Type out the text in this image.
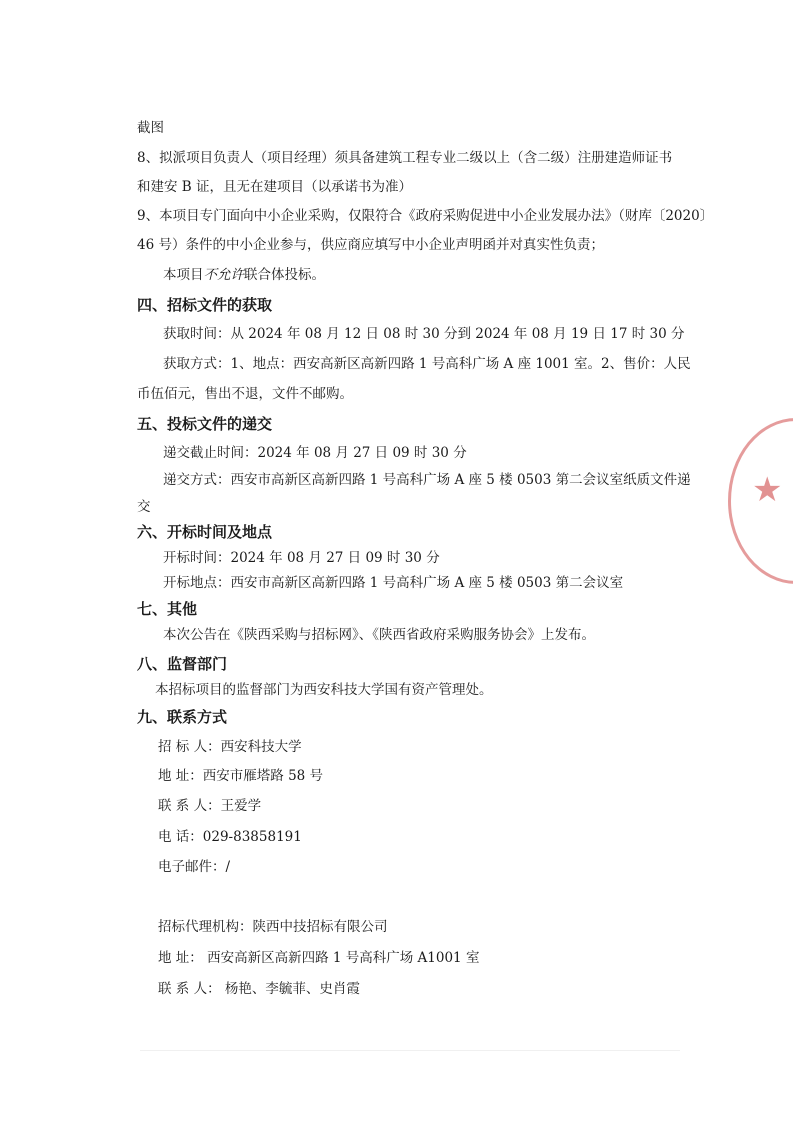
截图
8、拟派项目负责人（项目经理）须具备建筑工程专业二级以上（含二级）注册建造师证书
和建安 B 证，且无在建项目（以承诺书为准）
9、本项目专门面向中小企业采购，仅限符合《政府采购促进中小企业发展办法》（财库〔2020〕
46 号）条件的中小企业参与，供应商应填写中小企业声明函并对真实性负责；
本项目不允许联合体投标。
四、招标文件的获取
获取时间：从 2024 年 08 月 12 日 08 时 30 分到 2024 年 08 月 19 日 17 时 30 分
获取方式：1、地点：西安高新区高新四路 1 号高科广场 A 座 1001 室。2、售价：人民
币伍佰元，售出不退，文件不邮购。
五、投标文件的递交
递交截止时间：2024 年 08 月 27 日 09 时 30 分
递交方式：西安市高新区高新四路 1 号高科广场 A 座 5 楼 0503 第二会议室纸质文件递
交
六、开标时间及地点
开标时间：2024 年 08 月 27 日 09 时 30 分
开标地点：西安市高新区高新四路 1 号高科广场 A 座 5 楼 0503 第二会议室
七、其他
本次公告在《陕西采购与招标网》、《陕西省政府采购服务协会》上发布。
八、监督部门
本招标项目的监督部门为西安科技大学国有资产管理处。
九、联系方式
招 标 人：西安科技大学
地 址：西安市雁塔路 58 号
联 系 人：王爱学
电 话：029-83858191
电子邮件：/
招标代理机构：陕西中技招标有限公司
地 址： 西安高新区高新四路 1 号高科广场 A1001 室
联 系 人： 杨艳、李毓菲、史肖霞
★
